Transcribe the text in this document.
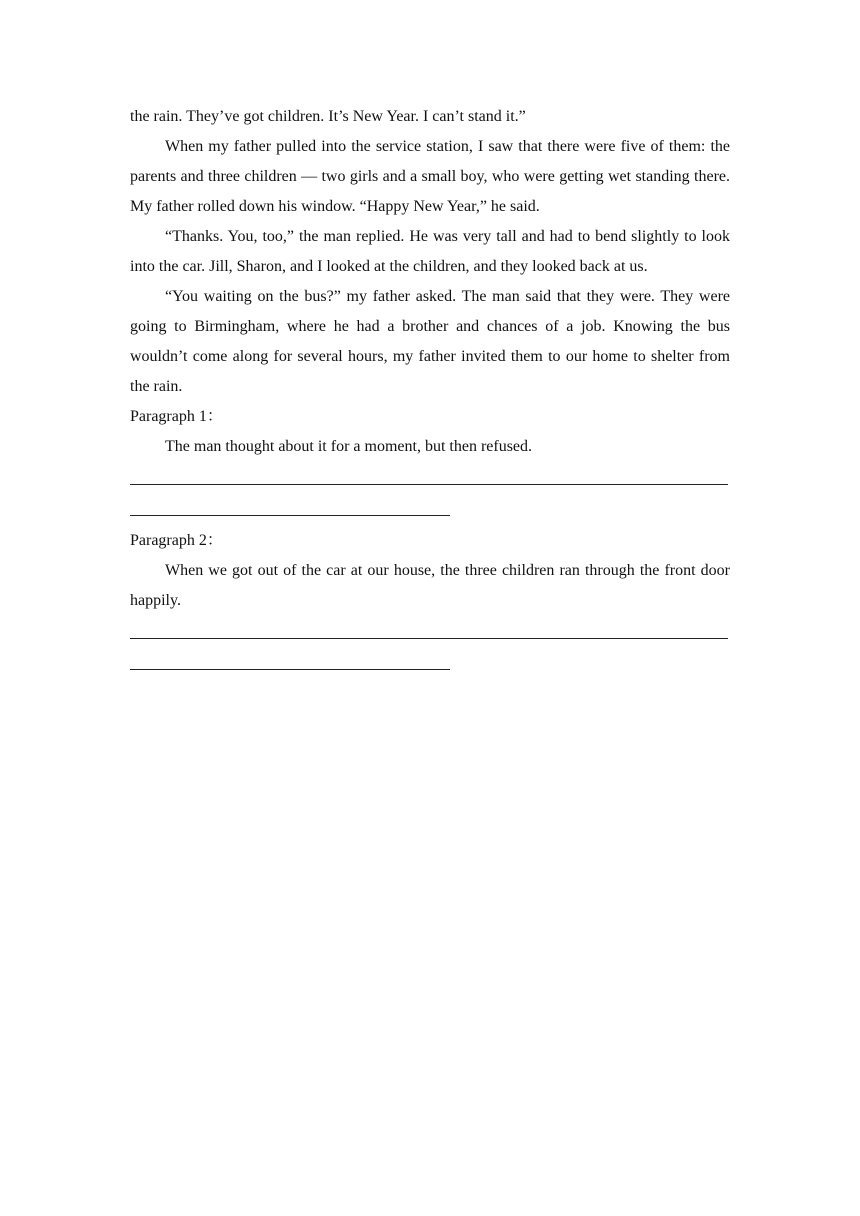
the rain. They’ve got children. It’s New Year. I can’t stand it.”

When my father pulled into the service station, I saw that there were five of them: the parents and three children — two girls and a small boy, who were getting wet standing there. My father rolled down his window. “Happy New Year,” he said.

“Thanks. You, too,” the man replied. He was very tall and had to bend slightly to look into the car. Jill, Sharon, and I looked at the children, and they looked back at us.

“You waiting on the bus?” my father asked. The man said that they were. They were going to Birmingham, where he had a brother and chances of a job. Knowing the bus wouldn’t come along for several hours, my father invited them to our home to shelter from the rain.

Paragraph 1：

The man thought about it for a moment, but then refused.

Paragraph 2：

When we got out of the car at our house, the three children ran through the front door happily.
